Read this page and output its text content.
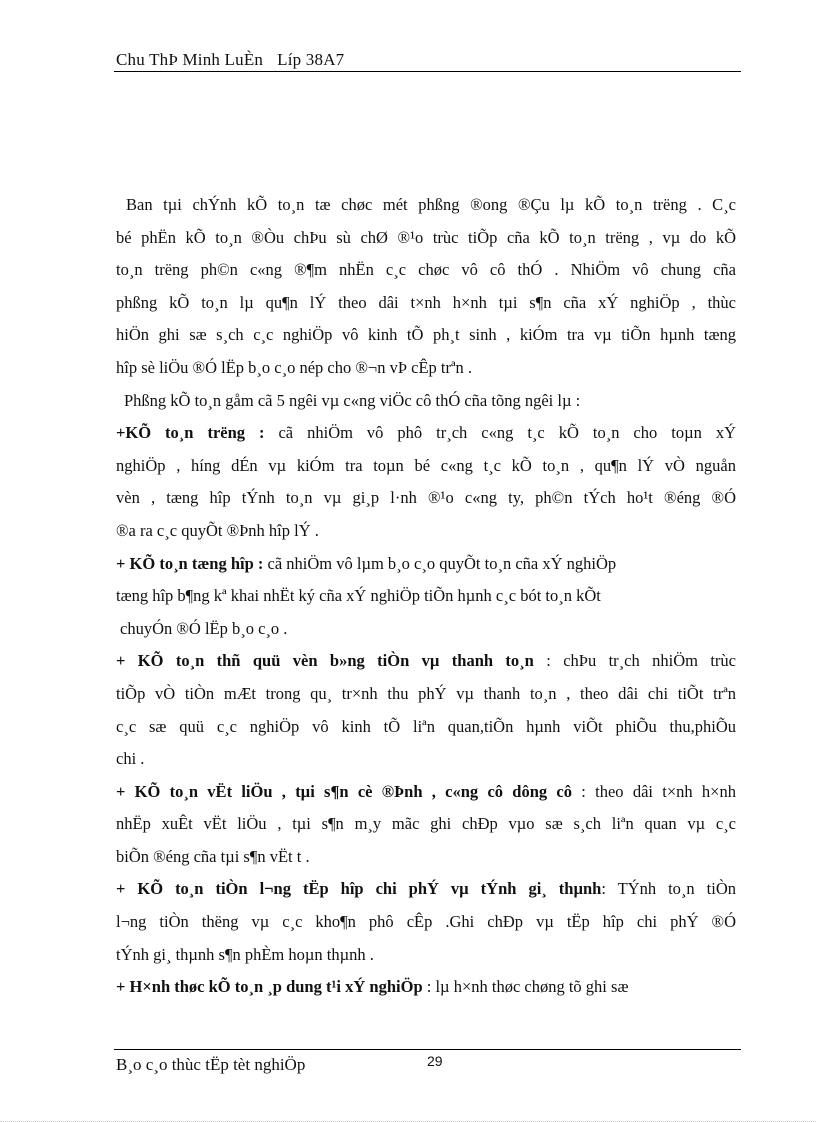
Chu ThÞ Minh LuÈn Líp 38A7
Ban tµi chÝnh kÕ to¸n tæ chøc mét phßng ®ong ®Çu lµ kÕ to¸n trëng . C¸c
bé phËn kÕ to¸n ®Òu chÞu sù chØ ®¹o trùc tiÕp cña kÕ to¸n trëng , vµ do kÕ
to¸n trëng ph©n c«ng ®¶m nhËn c¸c chøc vô cô thÓ . NhiÖm vô chung cña
phßng kÕ to¸n lµ qu¶n lÝ theo dâi t×nh h×nh tµi s¶n cña xÝ nghiÖp , thùc
hiÖn ghi sæ s¸ch c¸c nghiÖp vô kinh tÕ ph¸t sinh , kiÓm tra vµ tiÕn hµnh tæng
hîp sè liÖu ®Ó lËp b¸o c¸o nép cho ®¬n vÞ cÊp trªn .
Phßng kÕ to¸n gåm cã 5 ngêi vµ c«ng viÖc cô thÓ cña tõng ngêi lµ :
+KÕ to¸n trëng : cã nhiÖm vô phô tr¸ch c«ng t¸c kÕ to¸n cho toµn xÝ
nghiÖp , híng dÉn vµ kiÓm tra toµn bé c«ng t¸c kÕ to¸n , qu¶n lÝ vÒ nguån
vèn , tæng hîp tÝnh to¸n vµ gi¸p l·nh ®¹o c«ng ty, ph©n tÝch ho¹t ®éng ®Ó
®a ra c¸c quyÕt ®Þnh hîp lÝ .
+ KÕ to¸n tæng hîp : cã nhiÖm vô lµm b¸o c¸o quyÕt to¸n cña xÝ nghiÖp
tæng hîp b¶ng kª khai nhËt ký cña xÝ nghiÖp tiÕn hµnh c¸c bót to¸n kÕt
chuyÓn ®Ó lËp b¸o c¸o .
+ KÕ to¸n thñ quü vèn b»ng tiÒn vµ thanh to¸n : chÞu tr¸ch nhiÖm trùc
tiÕp vÒ tiÒn mÆt trong qu¸ tr×nh thu phÝ vµ thanh to¸n , theo dâi chi tiÕt trªn
c¸c sæ quü c¸c nghiÖp vô kinh tÕ liªn quan,tiÕn hµnh viÕt phiÕu thu,phiÕu
chi .
+ KÕ to¸n vËt liÖu , tµi s¶n cè ®Þnh , c«ng cô dông cô : theo dâi t×nh h×nh
nhËp xuÊt vËt liÖu , tµi s¶n m¸y mãc ghi chÐp vµo sæ s¸ch liªn quan vµ c¸c
biÕn ®éng cña tµi s¶n vËt t .
+ KÕ to¸n tiÒn l¬ng tËp hîp chi phÝ vµ tÝnh gi¸ thµnh: TÝnh to¸n tiÒn
l¬ng tiÒn thëng vµ c¸c kho¶n phô cÊp .Ghi chÐp vµ tËp hîp chi phÝ ®Ó
tÝnh gi¸ thµnh s¶n phÈm hoµn thµnh .
+ H×nh thøc kÕ to¸n ¸p dung t¹i xÝ nghiÖp : lµ h×nh thøc chøng tõ ghi sæ
B¸o c¸o thùc tËp tèt nghiÖp	29
